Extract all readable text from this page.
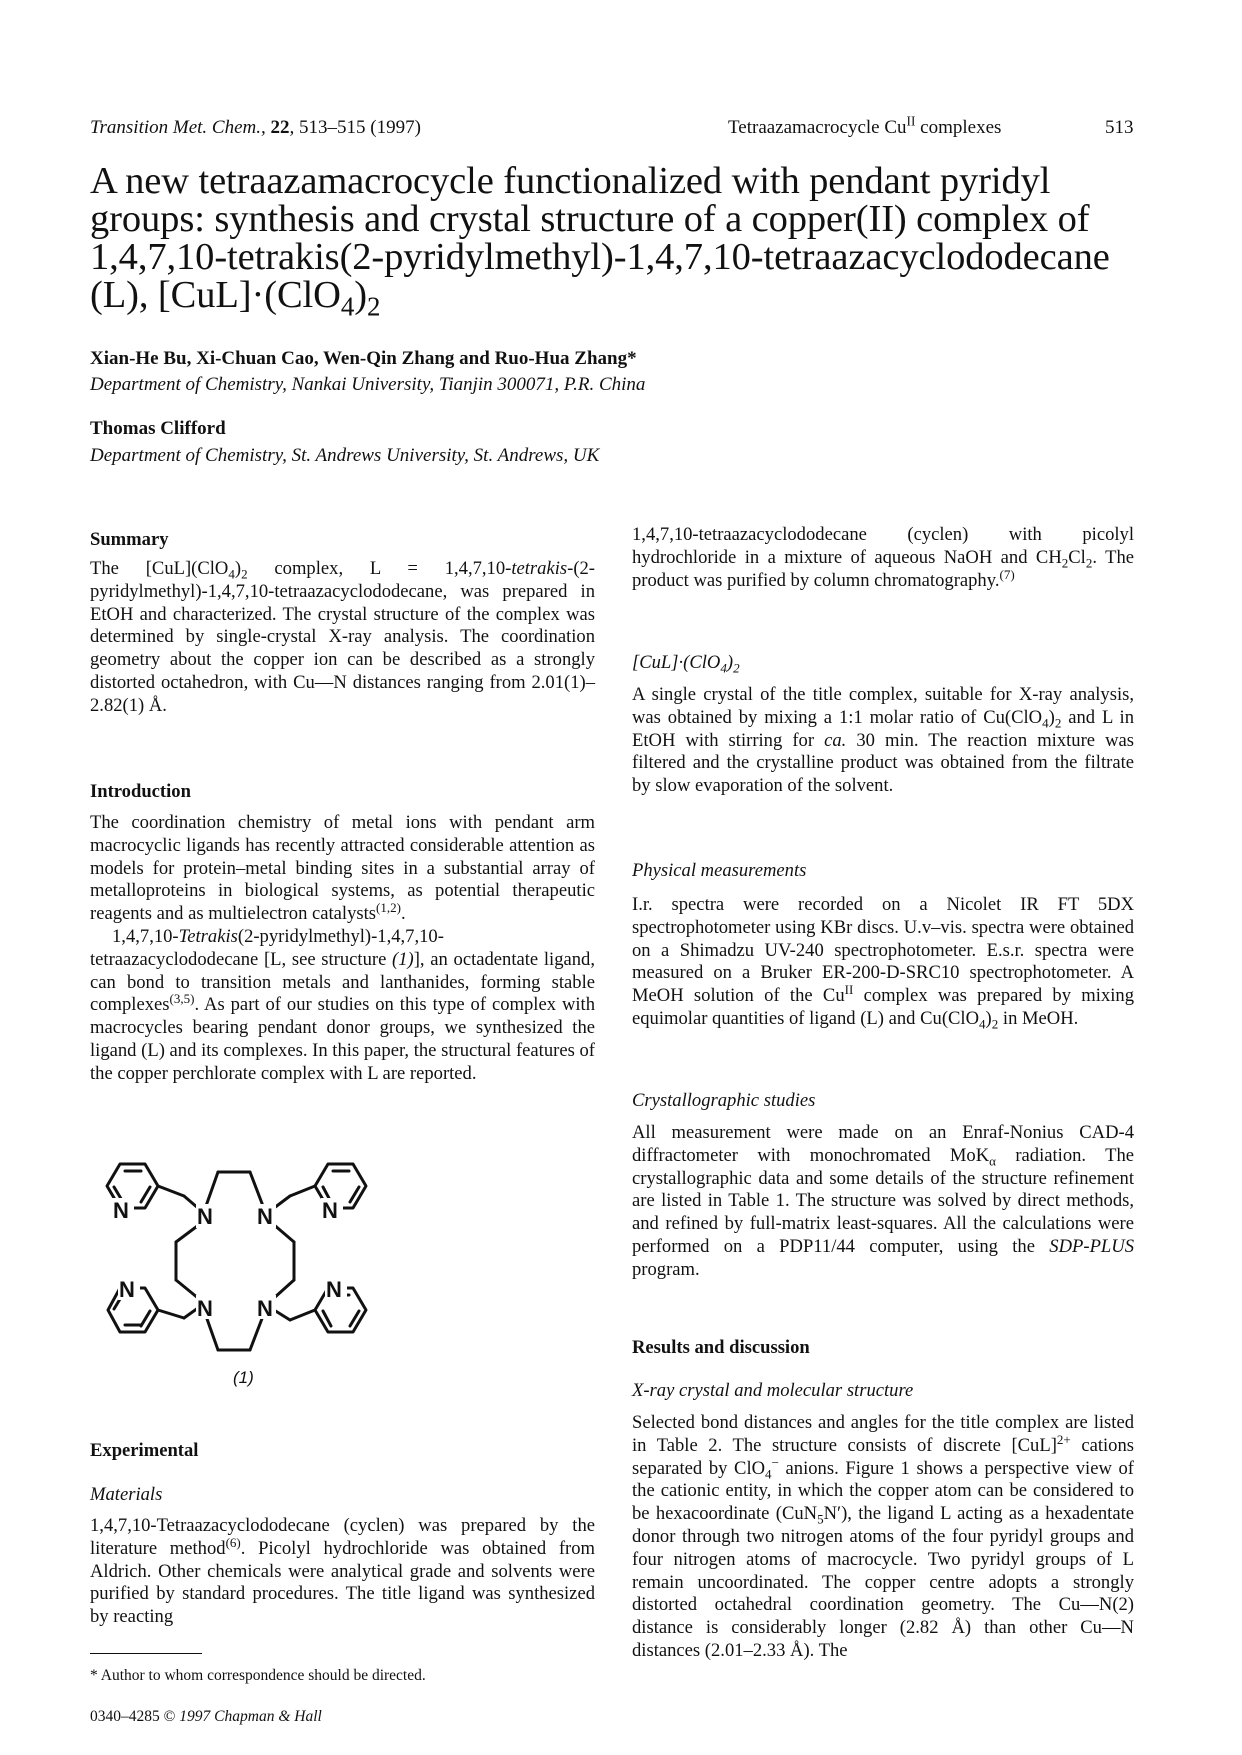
Transition Met. Chem., 22, 513–515 (1997)	Tetraazamacrocycle $Cu^{II}$ complexes	513
A new tetraazamacrocycle functionalized with pendant pyridyl
groups: synthesis and crystal structure of a copper(II) complex of
1,4,7,10-tetrakis(2-pyridylmethyl)-1,4,7,10-tetraazacyclododecane
(L), $[CuL]\cdot(ClO_4)_2$
Xian-He Bu, Xi-Chuan Cao, Wen-Qin Zhang and Ruo-Hua Zhang*
Department of Chemistry, Nankai University, Tianjin 300071, P.R. China
Thomas Clifford
Department of Chemistry, St. Andrews University, St. Andrews, UK
Summary

The $[CuL](ClO_4)_2$ complex, L = 1,4,7,10-tetrakis-(2-pyridylmethyl)-1,4,7,10-tetraazacyclododecane, was prepared in EtOH and characterized. The crystal structure of the complex was determined by single-crystal X-ray analysis. The coordination geometry about the copper ion can be described as a strongly distorted octahedron, with Cu—N distances ranging from 2.01(1)–2.82(1) Å.

Introduction

The coordination chemistry of metal ions with pendant arm macrocyclic ligands has recently attracted considerable attention as models for protein–metal binding sites in a substantial array of metalloproteins in biological systems, as potential therapeutic reagents and as multielectron catalysts$^{(1,2)}$.

1,4,7,10-Tetrakis(2-pyridylmethyl)-1,4,7,10-tetraazacyclododecane [L, see structure (1)], an octadentate ligand, can bond to transition metals and lanthanides, forming stable complexes$^{(3,5)}$. As part of our studies on this type of complex with macrocycles bearing pendant donor groups, we synthesized the ligand (L) and its complexes. In this paper, the structural features of the copper perchlorate complex with L are reported.

N N
N N
N	N
N	N
(1)
Experimental
Materials

1,4,7,10-Tetraazacyclododecane (cyclen) was prepared by the literature method$^{(6)}$. Picolyl hydrochloride was obtained from Aldrich. Other chemicals were analytical grade and solvents were purified by standard procedures. The title ligand was synthesized by reacting

* Author to whom correspondence should be directed.
0340–4285 © 1997 Chapman & Hall

1,4,7,10-tetraazacyclododecane (cyclen) with picolyl hydrochloride in a mixture of aqueous NaOH and $CH_2Cl_2$. The product was purified by column chromatography.$^{(7)}$

$[CuL]\cdot(ClO_4)_2$

A single crystal of the title complex, suitable for X-ray analysis, was obtained by mixing a 1:1 molar ratio of $Cu(ClO_4)_2$ and L in EtOH with stirring for ca. 30 min. The reaction mixture was filtered and the crystalline product was obtained from the filtrate by slow evaporation of the solvent.

Physical measurements

I.r. spectra were recorded on a Nicolet IR FT 5DX spectrophotometer using KBr discs. U.v–vis. spectra were obtained on a Shimadzu UV-240 spectrophotometer. E.s.r. spectra were measured on a Bruker ER-200-D-SRC10 spectrophotometer. A MeOH solution of the $Cu^{II}$ complex was prepared by mixing equimolar quantities of ligand (L) and $Cu(ClO_4)_2$ in MeOH.

Crystallographic studies

All measurement were made on an Enraf-Nonius CAD-4 diffractometer with monochromated MoK$_\alpha$ radiation. The crystallographic data and some details of the structure refinement are listed in Table 1. The structure was solved by direct methods, and refined by full-matrix least-squares. All the calculations were performed on a PDP11/44 computer, using the SDP-PLUS program.

Results and discussion
X-ray crystal and molecular structure

Selected bond distances and angles for the title complex are listed in Table 2. The structure consists of discrete [CuL]$^{2+}$ cations separated by ClO$_4$− anions. Figure 1 shows a perspective view of the cationic entity, in which the copper atom can be considered to be hexacoordinate (CuN$_5$N′), the ligand L acting as a hexadentate donor through two nitrogen atoms of the four pyridyl groups and four nitrogen atoms of macrocycle. Two pyridyl groups of L remain uncoordinated. The copper centre adopts a strongly distorted octahedral coordination geometry. The Cu—N(2) distance is considerably longer (2.82 Å) than other Cu—N distances (2.01–2.33 Å). The
